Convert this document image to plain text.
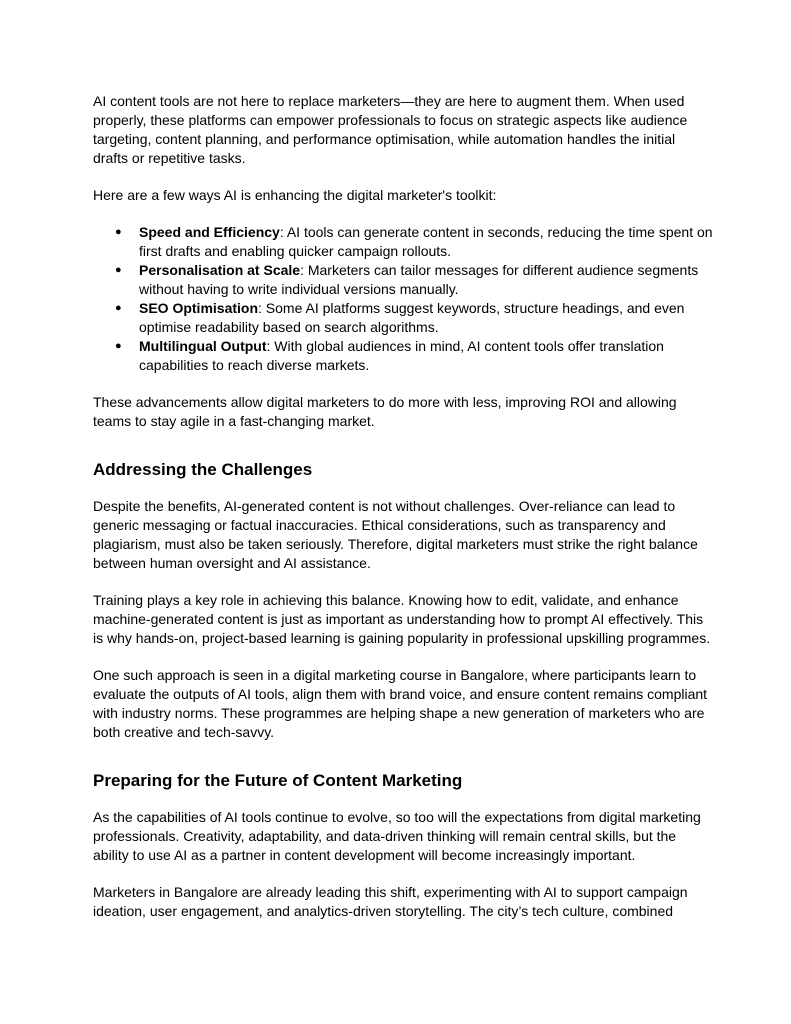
AI content tools are not here to replace marketers—they are here to augment them. When used properly, these platforms can empower professionals to focus on strategic aspects like audience targeting, content planning, and performance optimisation, while automation handles the initial drafts or repetitive tasks.

Here are a few ways AI is enhancing the digital marketer's toolkit:

● Speed and Efficiency: AI tools can generate content in seconds, reducing the time spent on first drafts and enabling quicker campaign rollouts.
● Personalisation at Scale: Marketers can tailor messages for different audience segments without having to write individual versions manually.
● SEO Optimisation: Some AI platforms suggest keywords, structure headings, and even optimise readability based on search algorithms.
● Multilingual Output: With global audiences in mind, AI content tools offer translation capabilities to reach diverse markets.

These advancements allow digital marketers to do more with less, improving ROI and allowing teams to stay agile in a fast-changing market.

Addressing the Challenges

Despite the benefits, AI-generated content is not without challenges. Over-reliance can lead to generic messaging or factual inaccuracies. Ethical considerations, such as transparency and plagiarism, must also be taken seriously. Therefore, digital marketers must strike the right balance between human oversight and AI assistance.

Training plays a key role in achieving this balance. Knowing how to edit, validate, and enhance machine-generated content is just as important as understanding how to prompt AI effectively. This is why hands-on, project-based learning is gaining popularity in professional upskilling programmes.

One such approach is seen in a digital marketing course in Bangalore, where participants learn to evaluate the outputs of AI tools, align them with brand voice, and ensure content remains compliant with industry norms. These programmes are helping shape a new generation of marketers who are both creative and tech-savvy.

Preparing for the Future of Content Marketing

As the capabilities of AI tools continue to evolve, so too will the expectations from digital marketing professionals. Creativity, adaptability, and data-driven thinking will remain central skills, but the ability to use AI as a partner in content development will become increasingly important.

Marketers in Bangalore are already leading this shift, experimenting with AI to support campaign ideation, user engagement, and analytics-driven storytelling. The city’s tech culture, combined
